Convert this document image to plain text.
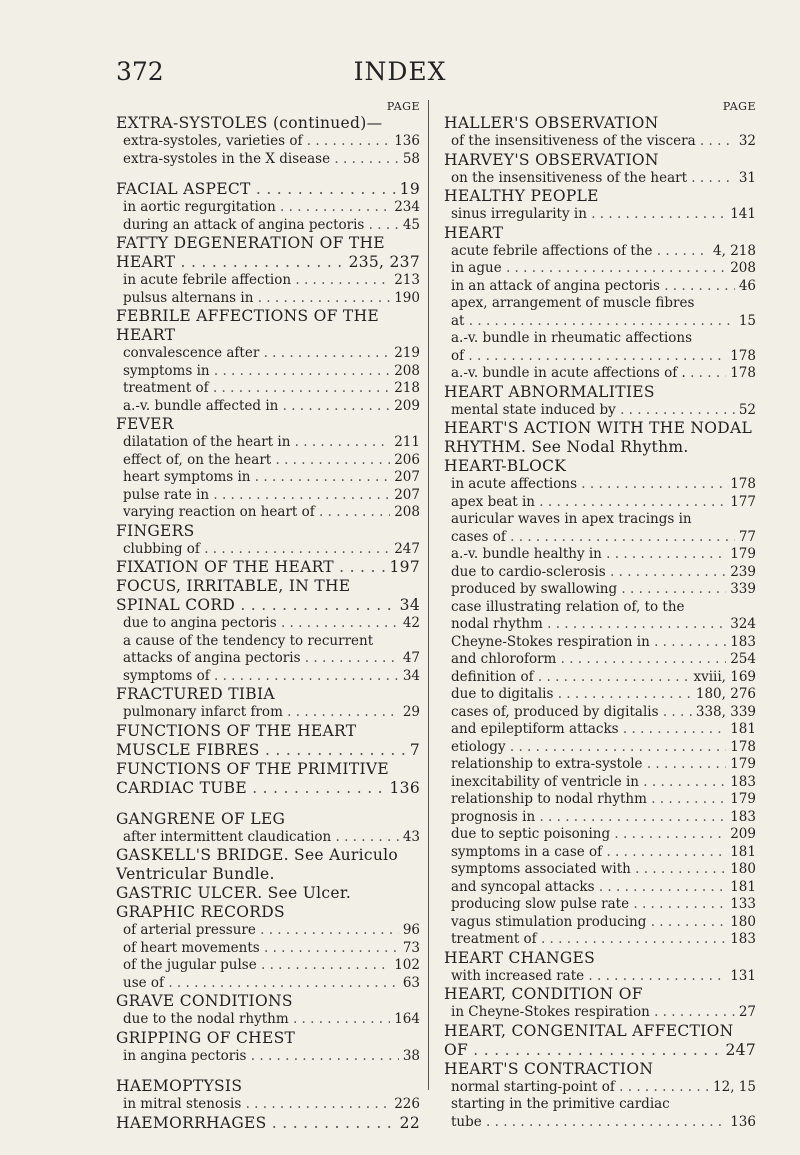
372	INDEX
PAGE
EXTRA-SYSTOLES (continued)—
extra-systoles, varieties of . .	136
extra-systoles in the X disease . .	58
FACIAL ASPECT . .	19
in aortic regurgitation . .	234
during an attack of angina pectoris . .	45
FATTY DEGENERATION OF THE
HEART . .	235, 237
in acute febrile affection . .	213
pulsus alternans in . .	190
FEBRILE AFFECTIONS OF THE
HEART
convalescence after . .	219
symptoms in . .	208
treatment of . .	218
a.-v. bundle affected in . .	209
FEVER
dilatation of the heart in . .	211
effect of, on the heart . .	206
heart symptoms in . .	207
pulse rate in . .	207
varying reaction on heart of . .	208
FINGERS
clubbing of . .	247
FIXATION OF THE HEART . .	197
FOCUS, IRRITABLE, IN THE
SPINAL CORD . .	34
due to angina pectoris . .	42
a cause of the tendency to recurrent
attacks of angina pectoris . .	47
symptoms of . .	34
FRACTURED TIBIA
pulmonary infarct from . .	29
FUNCTIONS OF THE HEART
MUSCLE FIBRES . .	7
FUNCTIONS OF THE PRIMITIVE
CARDIAC TUBE . .	136
GANGRENE OF LEG
after intermittent claudication . .	43
GASKELL'S BRIDGE. See Auriculo
Ventricular Bundle.
GASTRIC ULCER. See Ulcer.
GRAPHIC RECORDS
of arterial pressure . .	96
of heart movements . .	73
of the jugular pulse . .	102
use of . .	63
GRAVE CONDITIONS
due to the nodal rhythm . .	164
GRIPPING OF CHEST
in angina pectoris . .	38
HAEMOPTYSIS
in mitral stenosis . .	226
HAEMORRHAGES . .	22
PAGE
HALLER'S OBSERVATION
of the insensitiveness of the viscera . .	32
HARVEY'S OBSERVATION
on the insensitiveness of the heart . .	31
HEALTHY PEOPLE
sinus irregularity in . .	141
HEART
acute febrile affections of the . .	4, 218
in ague . .	208
in an attack of angina pectoris . .	46
apex, arrangement of muscle fibres
at . .	15
a.-v. bundle in rheumatic affections
of . .	178
a.-v. bundle in acute affections of . . .	178
HEART ABNORMALITIES
mental state induced by . .	52
HEART'S ACTION WITH THE NODAL
RHYTHM. See Nodal Rhythm.
HEART-BLOCK
in acute affections . .	178
apex beat in . .	177
auricular waves in apex tracings in
cases of . .	77
a.-v. bundle healthy in . .	179
due to cardio-sclerosis . .	239
produced by swallowing . .	339
case illustrating relation of, to the
nodal rhythm . .	324
Cheyne-Stokes respiration in . .	183
and chloroform . .	254
definition of . .	xviii, 169
due to digitalis . .	180, 276
cases of, produced by digitalis . .	338, 339
and epileptiform attacks . .	181
etiology . .	178
relationship to extra-systole . .	179
inexcitability of ventricle in . .	183
relationship to nodal rhythm . .	179
prognosis in . .	183
due to septic poisoning . .	209
symptoms in a case of . .	181
symptoms associated with . .	180
and syncopal attacks . .	181
producing slow pulse rate . .	133
vagus stimulation producing . .	180
treatment of . .	183
HEART CHANGES
with increased rate . .	131
HEART, CONDITION OF
in Cheyne-Stokes respiration . .	27
HEART, CONGENITAL AFFECTION
OF . .	247
HEART'S CONTRACTION
normal starting-point of . .	12, 15
starting in the primitive cardiac
tube . .	136
